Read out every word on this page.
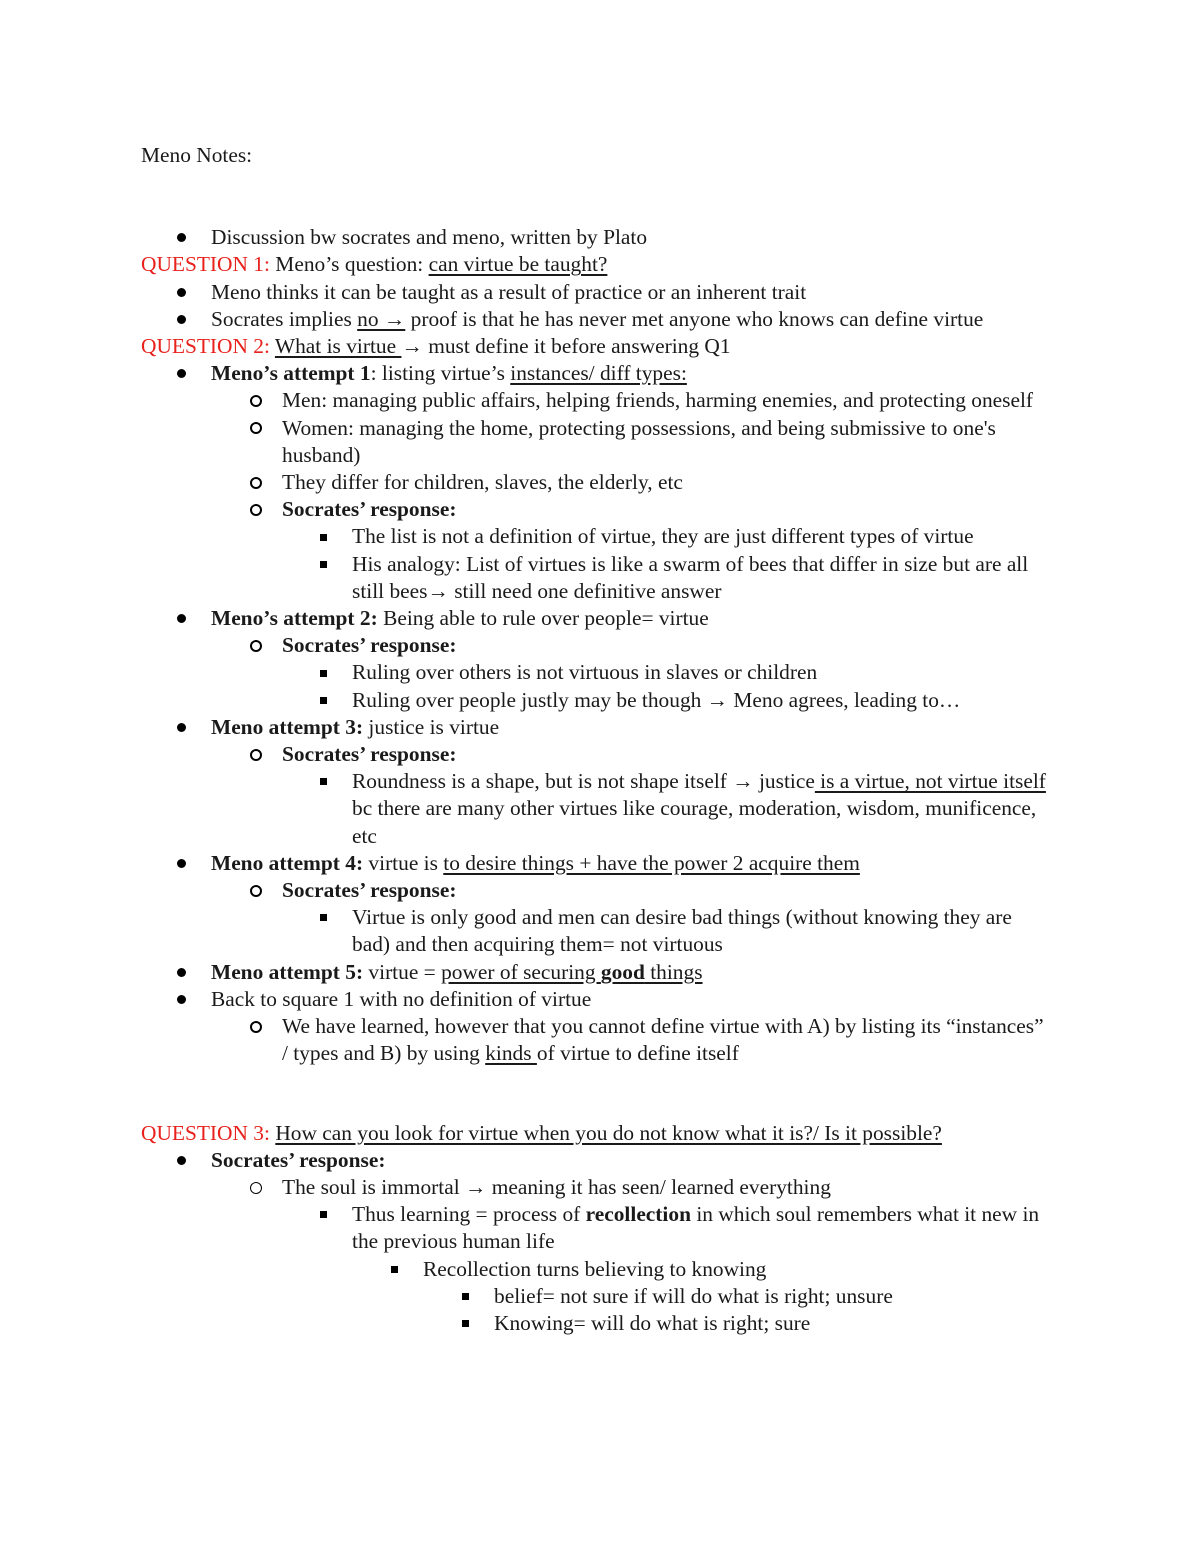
Meno Notes:
Discussion bw socrates and meno, written by Plato
QUESTION 1: Meno’s question: can virtue be taught?
Meno thinks it can be taught as a result of practice or an inherent trait
Socrates implies no → proof is that he has never met anyone who knows can define virtue
QUESTION 2: What is virtue → must define it before answering Q1
Meno’s attempt 1: listing virtue’s instances/ diff types:
Men: managing public affairs, helping friends, harming enemies, and protecting oneself
Women: managing the home, protecting possessions, and being submissive to one's husband)
They differ for children, slaves, the elderly, etc
Socrates’ response:
The list is not a definition of virtue, they are just different types of virtue
His analogy: List of virtues is like a swarm of bees that differ in size but are all still bees→ still need one definitive answer
Meno’s attempt 2: Being able to rule over people= virtue
Socrates’ response:
Ruling over others is not virtuous in slaves or children
Ruling over people justly may be though → Meno agrees, leading to…
Meno attempt 3: justice is virtue
Socrates’ response:
Roundness is a shape, but is not shape itself → justice is a virtue, not virtue itself bc there are many other virtues like courage, moderation, wisdom, munificence, etc
Meno attempt 4: virtue is to desire things + have the power 2 acquire them
Socrates’ response:
Virtue is only good and men can desire bad things (without knowing they are bad) and then acquiring them= not virtuous
Meno attempt 5: virtue = power of securing good things
Back to square 1 with no definition of virtue
We have learned, however that you cannot define virtue with A) by listing its “instances” / types and B) by using kinds of virtue to define itself
QUESTION 3: How can you look for virtue when you do not know what it is?/ Is it possible?
Socrates’ response:
The soul is immortal → meaning it has seen/ learned everything
Thus learning = process of recollection in which soul remembers what it new in the previous human life
Recollection turns believing to knowing
belief= not sure if will do what is right; unsure
Knowing= will do what is right; sure
